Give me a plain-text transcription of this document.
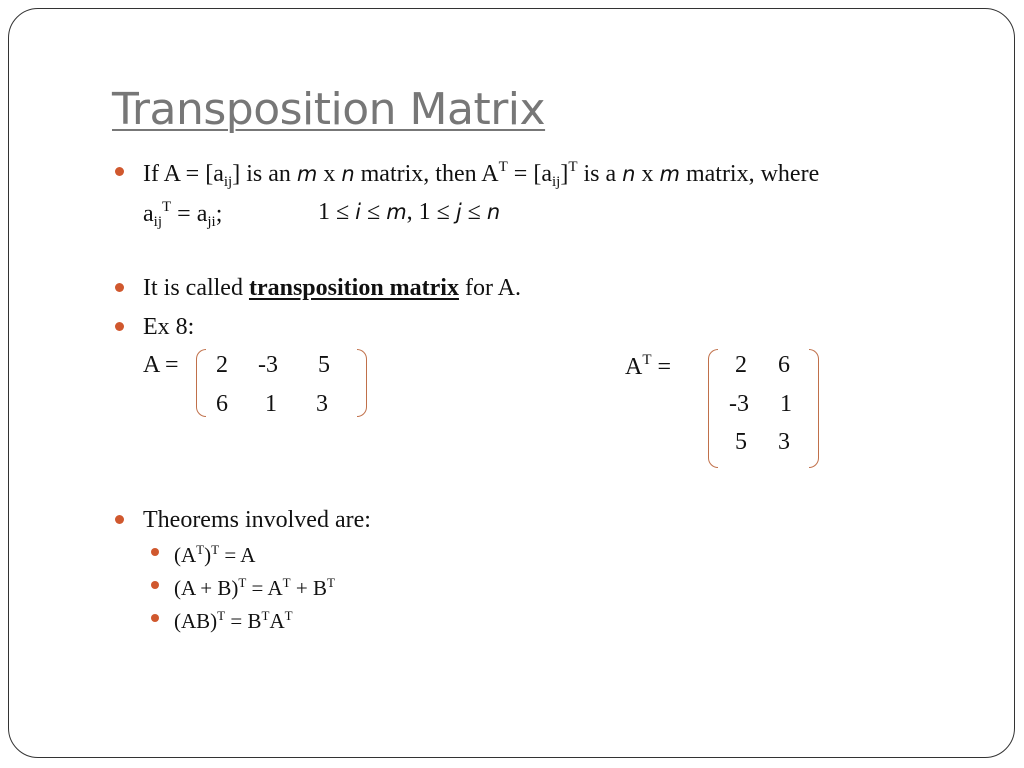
Transposition Matrix
If $A = [a_{ij}]$ is an m x n matrix, then $A^T = [a_{ij}]^T$ is a n x m matrix, where
$a_{ij}^T = a_{ji}$;	1 ≤ i ≤ m, 1 ≤ j ≤ n
It is called transposition matrix for A.
Ex 8:
A =	2	-3	5
6	1	3
$A^T$ =	2	6
-3	1
5	3
Theorems involved are:
$(A^T)^T = A$
$(A + B)^T = A^T + B^T$
$(AB)^T = B^TA^T$
